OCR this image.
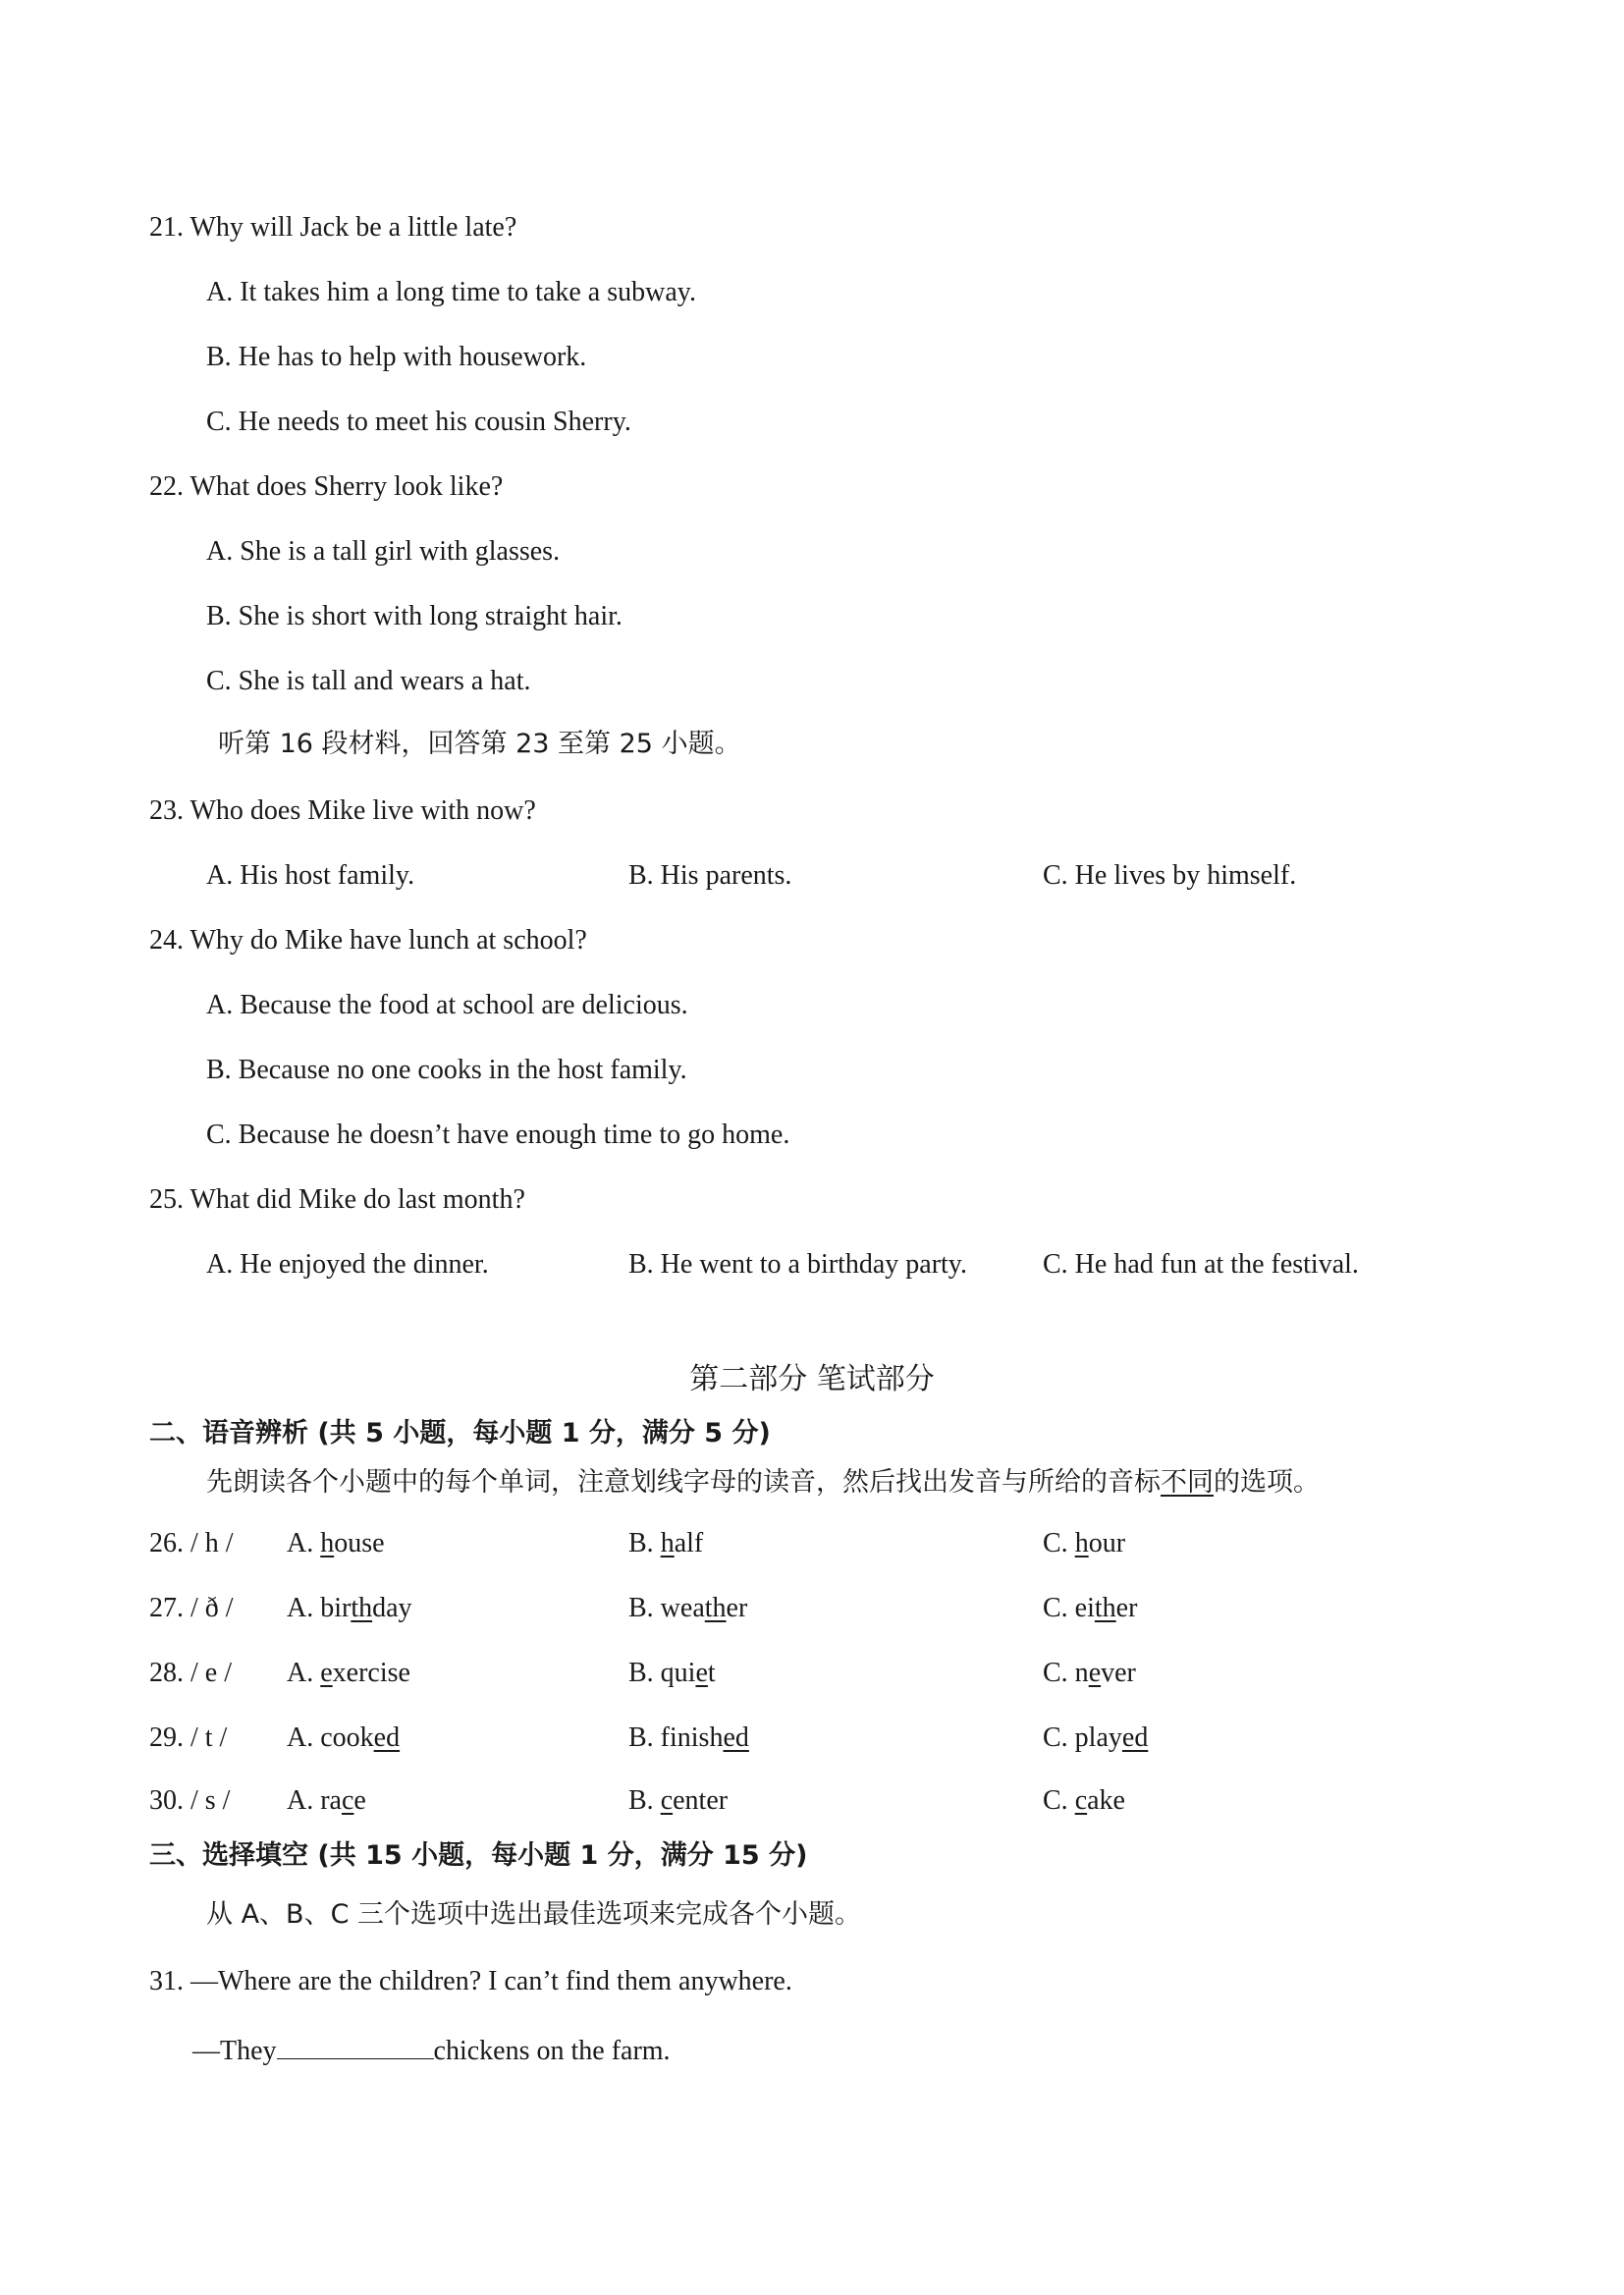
21. Why will Jack be a little late?
A. It takes him a long time to take a subway.
B. He has to help with housework.
C. He needs to meet his cousin Sherry.
22. What does Sherry look like?
A. She is a tall girl with glasses.
B. She is short with long straight hair.
C. She is tall and wears a hat.
听第 16 段材料，回答第 23 至第 25 小题。
23. Who does Mike live with now?
A. His host family.	B. His parents.	C. He lives by himself.
24. Why do Mike have lunch at school?
A. Because the food at school are delicious.
B. Because no one cooks in the host family.
C. Because he doesn’t have enough time to go home.
25. What did Mike do last month?
A. He enjoyed the dinner.	B. He went to a birthday party.	C. He had fun at the festival.
第二部分 笔试部分
二、语音辨析 (共 5 小题，每小题 1 分，满分 5 分)
先朗读各个小题中的每个单词，注意划线字母的读音，然后找出发音与所给的音标不同的选项。
26. / h / A. house	B. half	C. hour
27. / ð / A. birthday	B. weather	C. either
28. / e / A. exercise	B. quiet	C. never
29. / t / A. cooked	B. finished	C. played
30. / s / A. race	B. center	C. cake
三、选择填空 (共 15 小题，每小题 1 分，满分 15 分)
从 A、B、C 三个选项中选出最佳选项来完成各个小题。
31. —Where are the children? I can’t find them anywhere.
—They	chickens on the farm.
